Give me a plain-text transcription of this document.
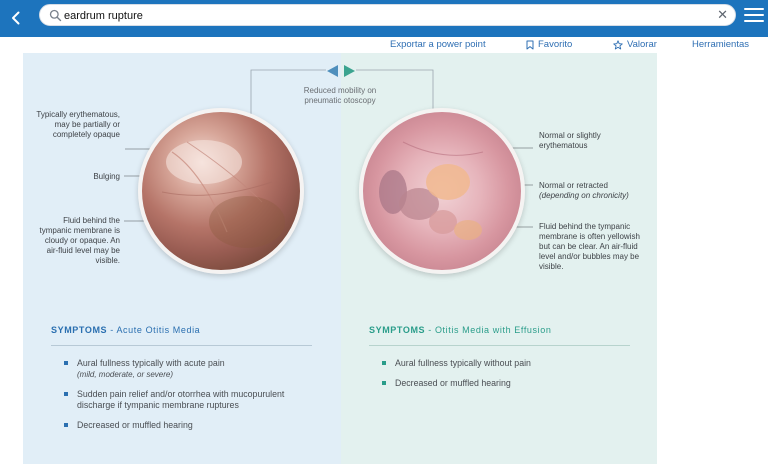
eardrum rupture
✕
Exportar a power point	Favorito	Valorar	Herramientas
Reduced mobility on pneumatic otoscopy
Typically erythematous, may be partially or completely opaque
Bulging
Fluid behind the tympanic membrane is cloudy or opaque. An air-fluid level may be visible.
Normal or slightly erythematous
Normal or retracted
(depending on chronicity)
Fluid behind the tympanic membrane is often yellowish but can be clear. An air-fluid level and/or bubbles may be visible.
SYMPTOMS - Acute Otitis Media
Aural fullness typically with acute pain
(mild, moderate, or severe)
Sudden pain relief and/or otorrhea with mucopurulent discharge if tympanic membrane ruptures
Decreased or muffled hearing
SYMPTOMS - Otitis Media with Effusion
Aural fullness typically without pain
Decreased or muffled hearing
